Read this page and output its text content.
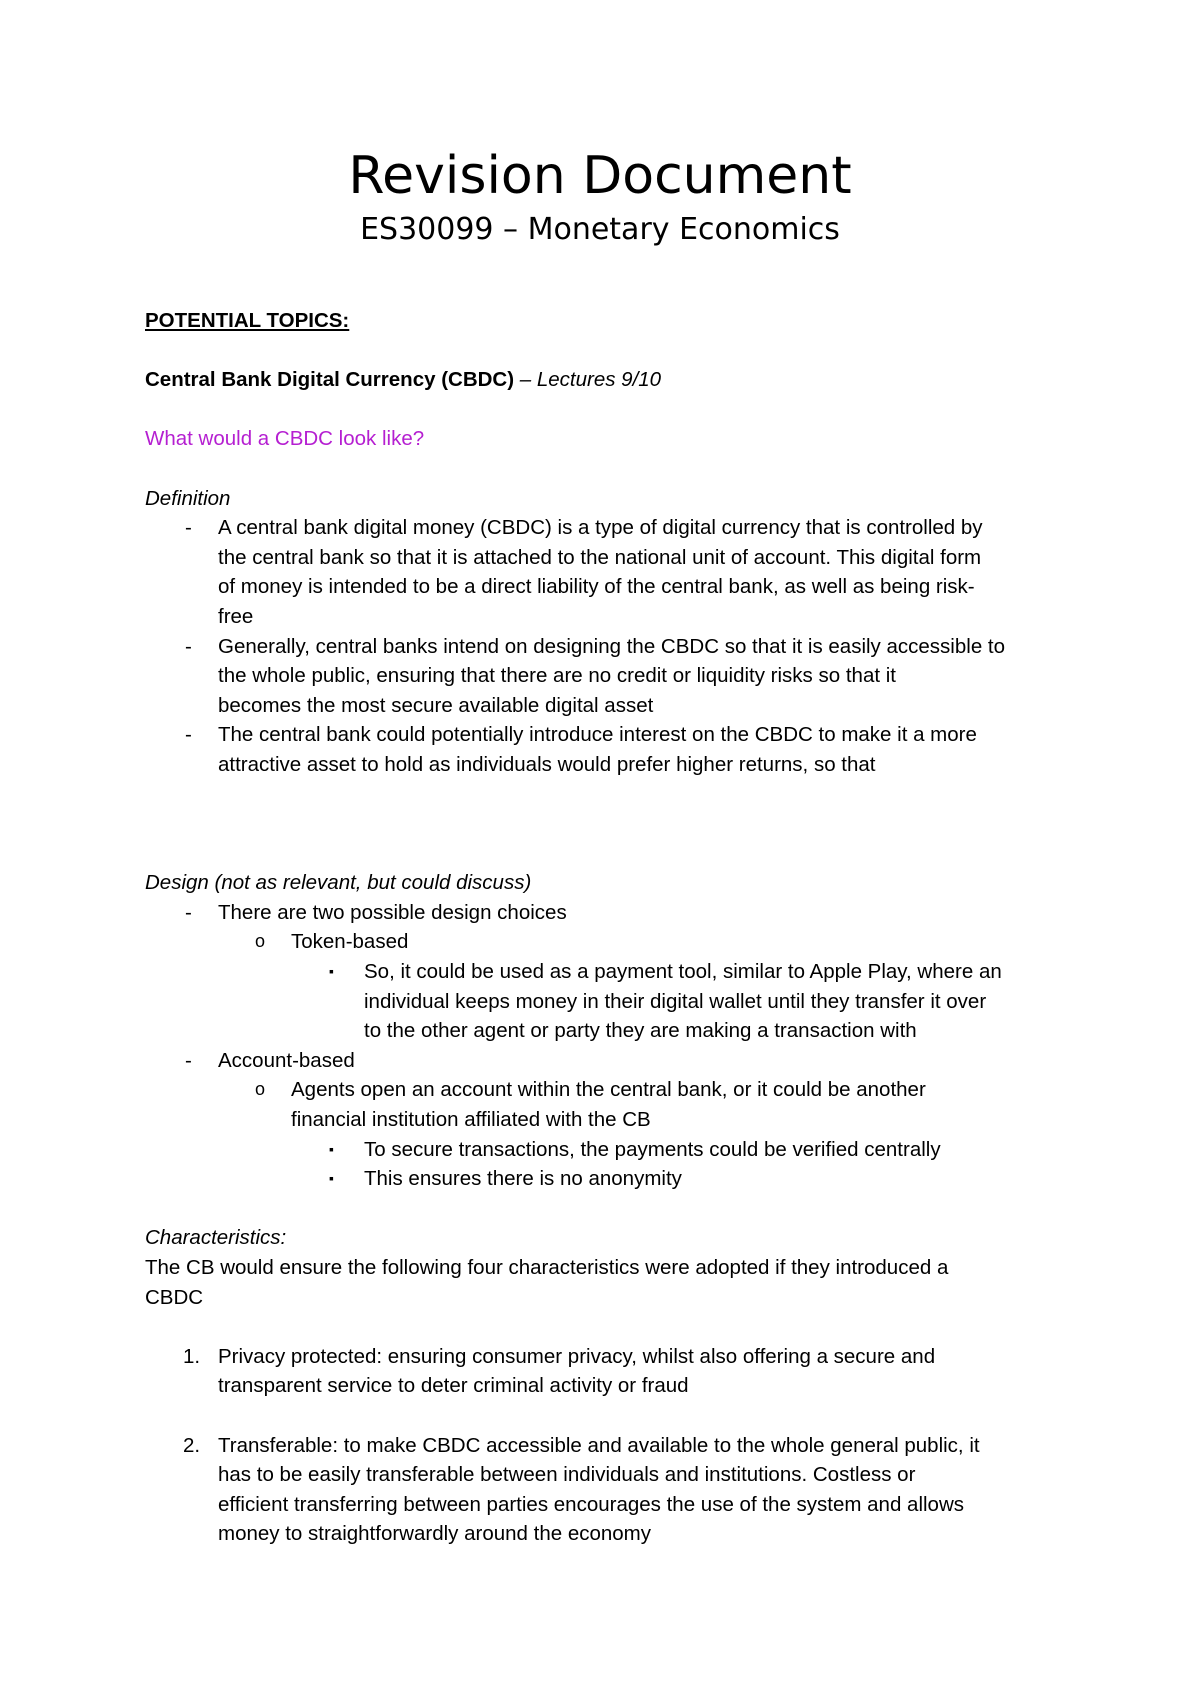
Revision Document
ES30099 – Monetary Economics
POTENTIAL TOPICS:
Central Bank Digital Currency (CBDC) – Lectures 9/10
What would a CBDC look like?
Definition
- A central bank digital money (CBDC) is a type of digital currency that is controlled by
the central bank so that it is attached to the national unit of account. This digital form
of money is intended to be a direct liability of the central bank, as well as being risk-
free
- Generally, central banks intend on designing the CBDC so that it is easily accessible to
the whole public, ensuring that there are no credit or liquidity risks so that it
becomes the most secure available digital asset
- The central bank could potentially introduce interest on the CBDC to make it a more
attractive asset to hold as individuals would prefer higher returns, so that
Design (not as relevant, but could discuss)
- There are two possible design choices
o Token-based
▪ So, it could be used as a payment tool, similar to Apple Play, where an
individual keeps money in their digital wallet until they transfer it over
to the other agent or party they are making a transaction with
- Account-based
o Agents open an account within the central bank, or it could be another
financial institution affiliated with the CB
▪ To secure transactions, the payments could be verified centrally
▪ This ensures there is no anonymity
Characteristics:
The CB would ensure the following four characteristics were adopted if they introduced a
CBDC
1. Privacy protected: ensuring consumer privacy, whilst also offering a secure and
transparent service to deter criminal activity or fraud
2. Transferable: to make CBDC accessible and available to the whole general public, it
has to be easily transferable between individuals and institutions. Costless or
efficient transferring between parties encourages the use of the system and allows
money to straightforwardly around the economy
